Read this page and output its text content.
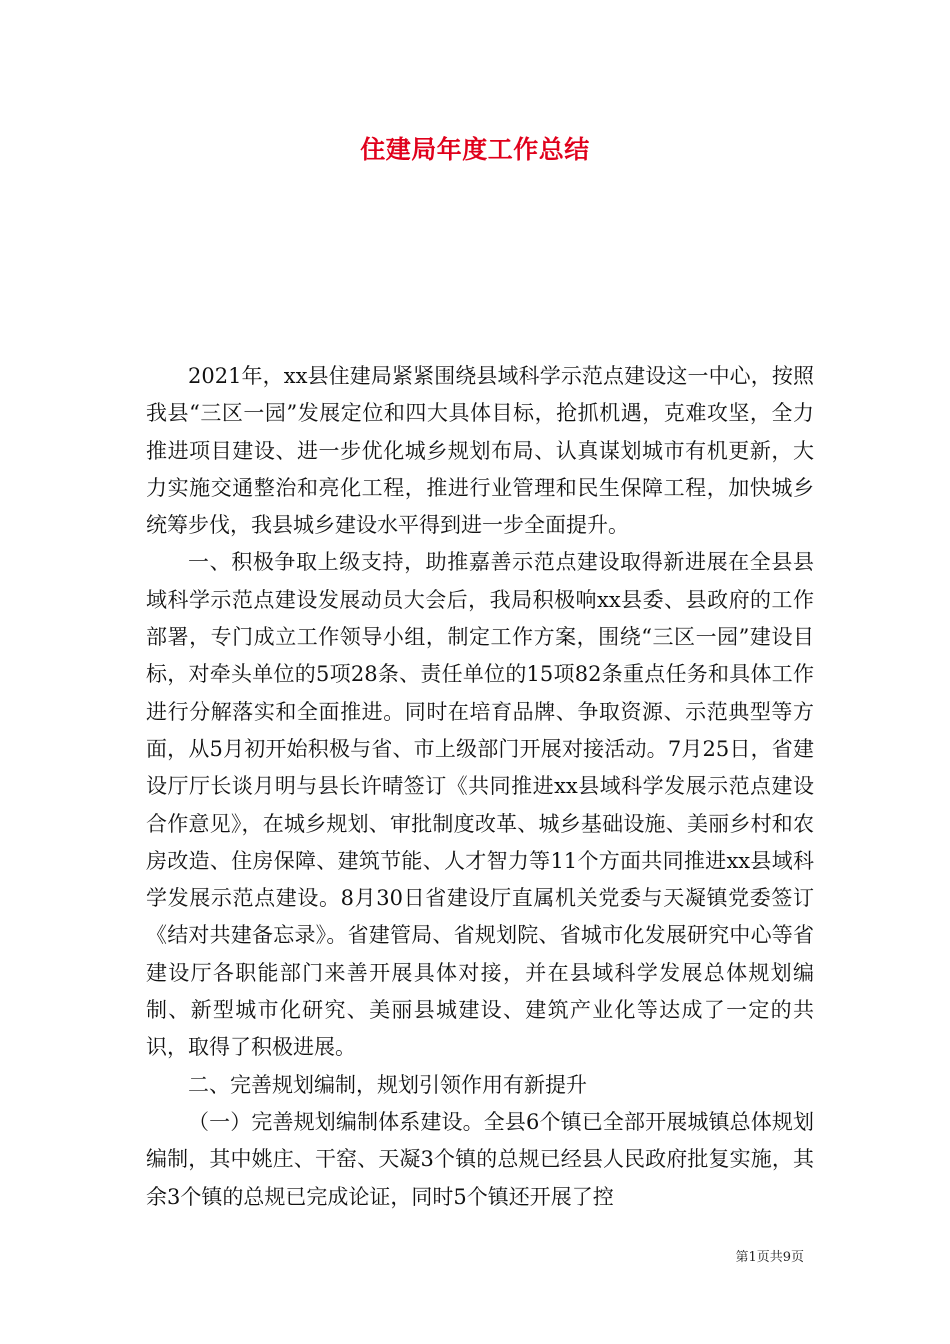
住建局年度工作总结

2021年，xx县住建局紧紧围绕县域科学示范点建设这一中心，按照我县“三区一园”发展定位和四大具体目标，抢抓机遇，克难攻坚，全力推进项目建设、进一步优化城乡规划布局、认真谋划城市有机更新，大力实施交通整治和亮化工程，推进行业管理和民生保障工程，加快城乡统筹步伐，我县城乡建设水平得到进一步全面提升。

一、积极争取上级支持，助推嘉善示范点建设取得新进展在全县县域科学示范点建设发展动员大会后，我局积极响xx县委、县政府的工作部署，专门成立工作领导小组，制定工作方案，围绕“三区一园”建设目标，对牵头单位的5项28条、责任单位的15项82条重点任务和具体工作进行分解落实和全面推进。同时在培育品牌、争取资源、示范典型等方面，从5月初开始积极与省、市上级部门开展对接活动。7月25日，省建设厅厅长谈月明与县长许晴签订《共同推进xx县域科学发展示范点建设合作意见》，在城乡规划、审批制度改革、城乡基础设施、美丽乡村和农房改造、住房保障、建筑节能、人才智力等11个方面共同推进xx县域科学发展示范点建设。8月30日省建设厅直属机关党委与天凝镇党委签订《结对共建备忘录》。省建管局、省规划院、省城市化发展研究中心等省建设厅各职能部门来善开展具体对接，并在县域科学发展总体规划编制、新型城市化研究、美丽县城建设、建筑产业化等达成了一定的共识，取得了积极进展。

二、完善规划编制，规划引领作用有新提升

（一）完善规划编制体系建设。全县6个镇已全部开展城镇总体规划编制，其中姚庄、干窑、天凝3个镇的总规已经县人民政府批复实施，其余3个镇的总规已完成论证，同时5个镇还开展了控

第1页共9页
